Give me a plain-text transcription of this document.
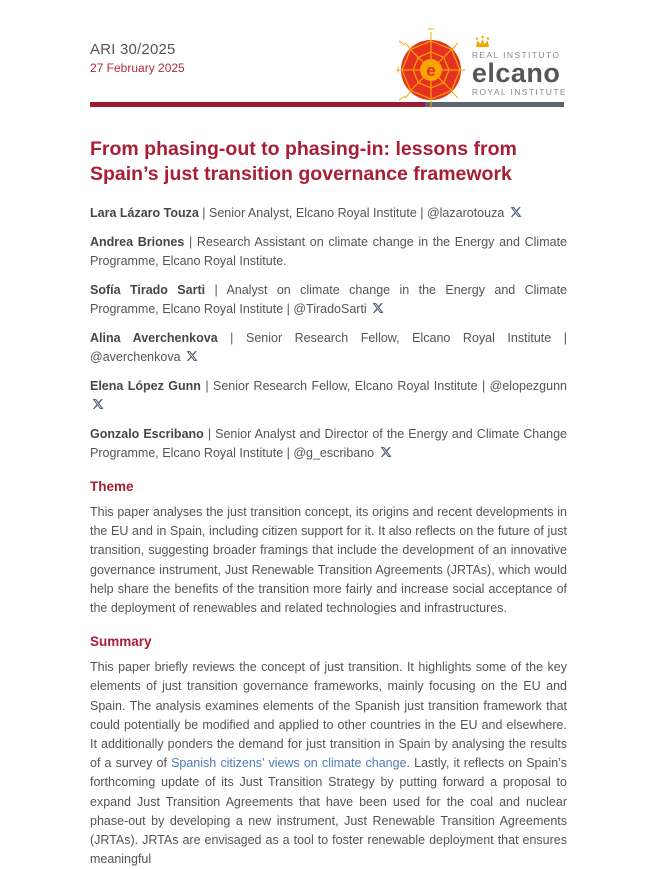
ARI 30/2025
27 February 2025	e
REAL INSTITUTO
elcano
ROYAL INSTITUTE
From phasing-out to phasing-in: lessons from Spain’s just transition governance framework

Lara Lázaro Touza | Senior Analyst, Elcano Royal Institute | @lazarotouza

Andrea Briones | Research Assistant on climate change in the Energy and Climate Programme, Elcano Royal Institute.

Sofía Tirado Sarti | Analyst on climate change in the Energy and Climate Programme, Elcano Royal Institute | @TiradoSarti

Alina Averchenkova | Senior Research Fellow, Elcano Royal Institute | @averchenkova

Elena López Gunn | Senior Research Fellow, Elcano Royal Institute | @elopezgunn

Gonzalo Escribano | Senior Analyst and Director of the Energy and Climate Change Programme, Elcano Royal Institute | @g_escribano

Theme

This paper analyses the just transition concept, its origins and recent developments in the EU and in Spain, including citizen support for it. It also reflects on the future of just transition, suggesting broader framings that include the development of an innovative governance instrument, Just Renewable Transition Agreements (JRTAs), which would help share the benefits of the transition more fairly and increase social acceptance of the deployment of renewables and related technologies and infrastructures.

Summary

This paper briefly reviews the concept of just transition. It highlights some of the key elements of just transition governance frameworks, mainly focusing on the EU and Spain. The analysis examines elements of the Spanish just transition framework that could potentially be modified and applied to other countries in the EU and elsewhere. It additionally ponders the demand for just transition in Spain by analysing the results of a survey of Spanish citizens’ views on climate change. Lastly, it reflects on Spain’s forthcoming update of its Just Transition Strategy by putting forward a proposal to expand Just Transition Agreements that have been used for the coal and nuclear phase-out by developing a new instrument, Just Renewable Transition Agreements (JRTAs). JRTAs are envisaged as a tool to foster renewable deployment that ensures meaningful
